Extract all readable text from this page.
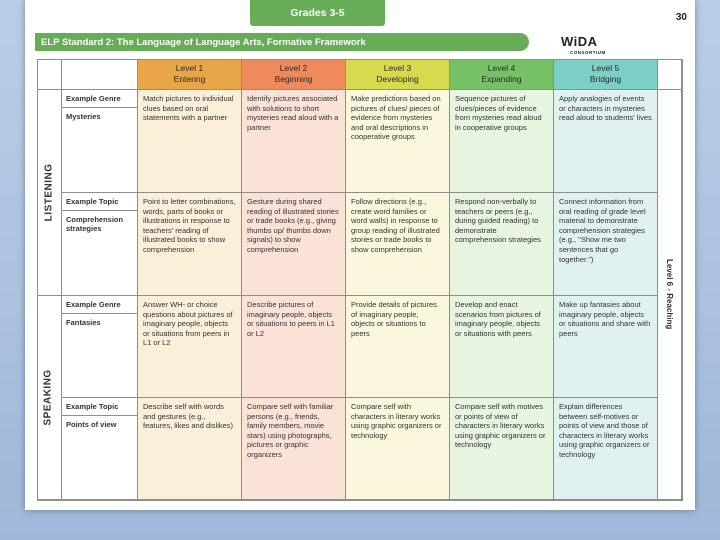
Grades 3-5	30
ELP Standard 2: The Language of Language Arts, Formative Framework	WiDA
CONSORTIUM
Level 1
Entering
Level 2
Beginning
Level 3
Developing
Level 4
Expanding
Level 5
Bridging
LISTENING
SPEAKING
Level 6 - Reaching
Example Genre
Mysteries
Match pictures to individual clues based on oral statements with a partner
Identify pictures associated with solutions to short mysteries read aloud with a partner
Make predictions based on pictures of clues/ pieces of evidence from mysteries and oral descriptions in cooperative groups
Sequence pictures of clues/pieces of evidence from mysteries read aloud in cooperative groups
Apply analogies of events or characters in mysteries read aloud to students' lives
Example Topic
Comprehension strategies
Point to letter combinations, words, parts of books or illustrations in response to teachers' reading of illustrated books to show comprehension
Gesture during shared reading of illustrated stories or trade books (e.g., giving thumbs up/ thumbs down signals) to show comprehension
Follow directions (e.g., create word families or word walls) in response to group reading of illustrated stories or trade books to show comprehension
Respond non-verbally to teachers or peers (e.g., during guided reading) to demonstrate comprehension strategies
Connect information from oral reading of grade level material to demonstrate comprehension strategies (e.g., "Show me two sentences that go together.")
Example Genre
Fantasies
Answer WH- or choice questions about pictures of imaginary people, objects or situations from peers in L1 or L2
Describe pictures of imaginary people, objects or situations to peers in L1 or L2
Provide details of pictures of imaginary people, objects or situations to peers
Develop and enact scenarios from pictures of imaginary people, objects or situations with peers
Make up fantasies about imaginary people, objects or situations and share with peers
Example Topic
Points of view
Describe self with words and gestures (e.g., features, likes and dislikes)
Compare self with familiar persons (e.g., friends, family members, movie stars) using photographs, pictures or graphic organizers
Compare self with characters in literary works using graphic organizers or technology
Compare self with motives or points of view of characters in literary works using graphic organizers or technology
Explain differences between self-motives or points of view and those of characters in literary works using graphic organizers or technology
